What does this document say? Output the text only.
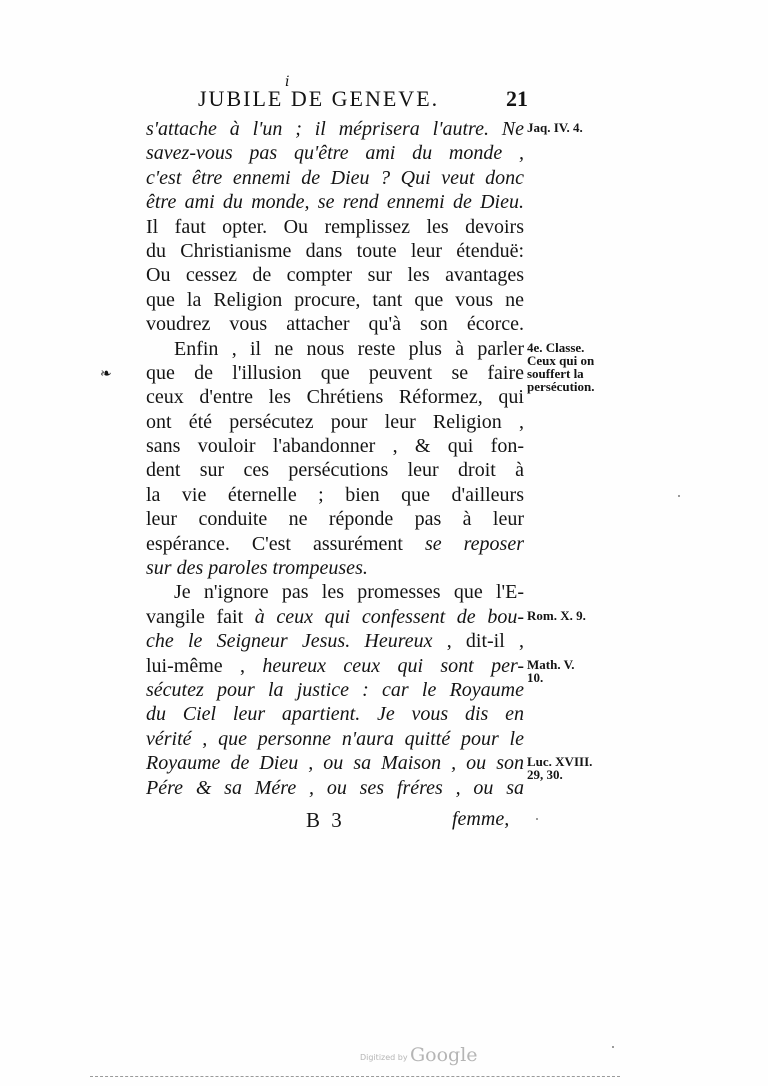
i
JUBILE DE GENEVE.	21
s'attache à l'un ; il méprisera l'autre. Ne
savez-vous pas qu'être ami du monde ,
c'est être ennemi de Dieu ? Qui veut donc
être ami du monde, se rend ennemi de Dieu.
Il faut opter. Ou remplissez les devoirs
du Christianisme dans toute leur étenduë:
Ou cessez de compter sur les avantages
que la Religion procure, tant que vous ne
voudrez vous attacher qu'à son écorce.
Enfin , il ne nous reste plus à parler
que de l'illusion que peuvent se faire
ceux d'entre les Chrétiens Réformez, qui
ont été persécutez pour leur Religion ,
sans vouloir l'abandonner , & qui fon-
dent sur ces persécutions leur droit à
la vie éternelle ; bien que d'ailleurs
leur conduite ne réponde pas à leur
espérance. C'est assurément se reposer
sur des paroles trompeuses.
Je n'ignore pas les promesses que l'E-
vangile fait à ceux qui confessent de bou-
che le Seigneur Jesus. Heureux , dit-il ,
lui-même , heureux ceux qui sont per-
sécutez pour la justice : car le Royaume
du Ciel leur apartient. Je vous dis en
vérité , que personne n'aura quitté pour le
Royaume de Dieu , ou sa Maison , ou son
Pére & sa Mére , ou ses fréres , ou sa
Jaq. IV. 4.
4e. Classe.
Ceux qui on
souffert la
persécution.
Rom. X. 9.
Math. V.
10.
Luc. XVIII.
29, 30.
❧
B 3	femme,
Digitized by Google
